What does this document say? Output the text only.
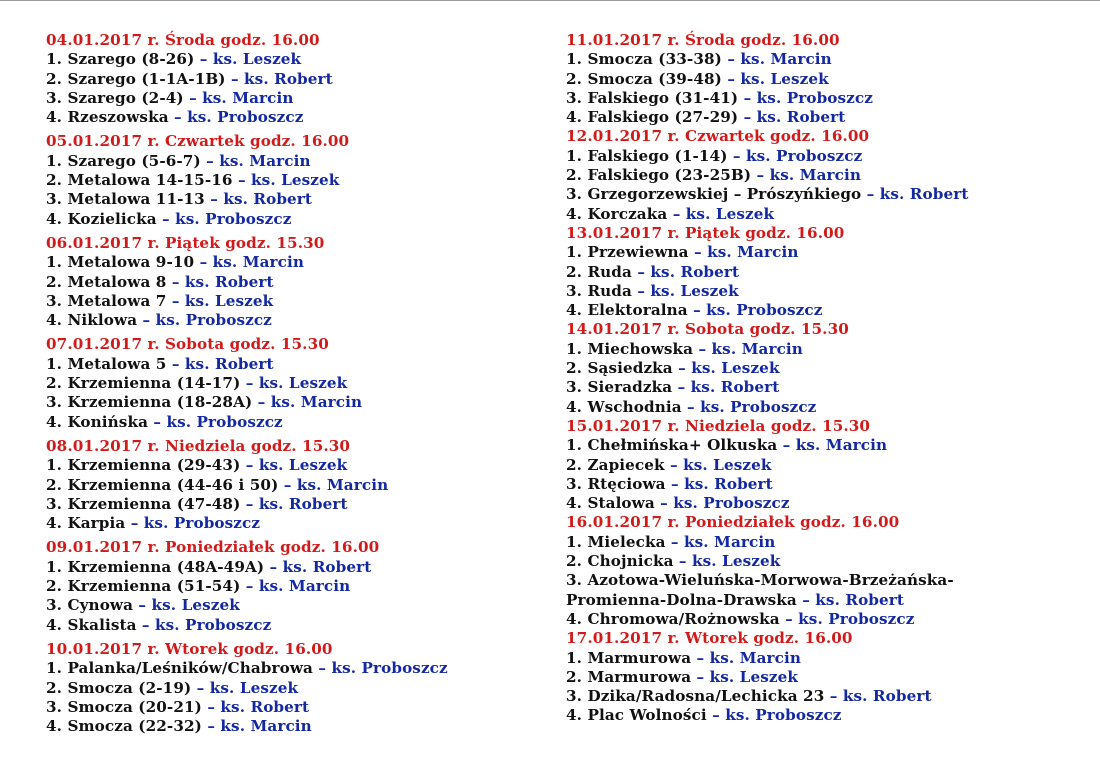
04.01.2017 r. Środa godz. 16.00
1. Szarego (8-26) – ks. Leszek
2. Szarego (1-1A-1B) – ks. Robert
3. Szarego (2-4) – ks. Marcin
4. Rzeszowska – ks. Proboszcz
05.01.2017 r. Czwartek godz. 16.00
1. Szarego (5-6-7) – ks. Marcin
2. Metalowa 14-15-16 – ks. Leszek
3. Metalowa 11-13 – ks. Robert
4. Kozielicka – ks. Proboszcz
06.01.2017 r. Piątek godz. 15.30
1. Metalowa 9-10 – ks. Marcin
2. Metalowa 8 – ks. Robert
3. Metalowa 7 – ks. Leszek
4. Niklowa – ks. Proboszcz
07.01.2017 r. Sobota godz. 15.30
1. Metalowa 5 – ks. Robert
2. Krzemienna (14-17) – ks. Leszek
3. Krzemienna (18-28A) – ks. Marcin
4. Konińska – ks. Proboszcz
08.01.2017 r. Niedziela godz. 15.30
1. Krzemienna (29-43) – ks. Leszek
2. Krzemienna (44-46 i 50) – ks. Marcin
3. Krzemienna (47-48) – ks. Robert
4. Karpia – ks. Proboszcz
09.01.2017 r. Poniedziałek godz. 16.00
1. Krzemienna (48A-49A) – ks. Robert
2. Krzemienna (51-54) – ks. Marcin
3. Cynowa – ks. Leszek
4. Skalista – ks. Proboszcz
10.01.2017 r. Wtorek godz. 16.00
1. Palanka/Leśników/Chabrowa – ks. Proboszcz
2. Smocza (2-19) – ks. Leszek
3. Smocza (20-21) – ks. Robert
4. Smocza (22-32) – ks. Marcin
11.01.2017 r. Środa godz. 16.00
1. Smocza (33-38) – ks. Marcin
2. Smocza (39-48) – ks. Leszek
3. Falskiego (31-41) – ks. Proboszcz
4. Falskiego (27-29) – ks. Robert
12.01.2017 r. Czwartek godz. 16.00
1. Falskiego (1-14) – ks. Proboszcz
2. Falskiego (23-25B) – ks. Marcin
3. Grzegorzewskiej – Prószyńkiego – ks. Robert
4. Korczaka – ks. Leszek
13.01.2017 r. Piątek godz. 16.00
1. Przewiewna – ks. Marcin
2. Ruda – ks. Robert
3. Ruda – ks. Leszek
4. Elektoralna – ks. Proboszcz
14.01.2017 r. Sobota godz. 15.30
1. Miechowska – ks. Marcin
2. Sąsiedzka – ks. Leszek
3. Sieradzka – ks. Robert
4. Wschodnia – ks. Proboszcz
15.01.2017 r. Niedziela godz. 15.30
1. Chełmińska+ Olkuska – ks. Marcin
2. Zapiecek – ks. Leszek
3. Rtęciowa – ks. Robert
4. Stalowa – ks. Proboszcz
16.01.2017 r. Poniedziałek godz. 16.00
1. Mielecka – ks. Marcin
2. Chojnicka – ks. Leszek
3. Azotowa-Wieluńska-Morwowa-Brzeżańska-
Promienna-Dolna-Drawska – ks. Robert
4. Chromowa/Rożnowska – ks. Proboszcz
17.01.2017 r. Wtorek godz. 16.00
1. Marmurowa – ks. Marcin
2. Marmurowa – ks. Leszek
3. Dzika/Radosna/Lechicka 23 – ks. Robert
4. Plac Wolności – ks. Proboszcz
